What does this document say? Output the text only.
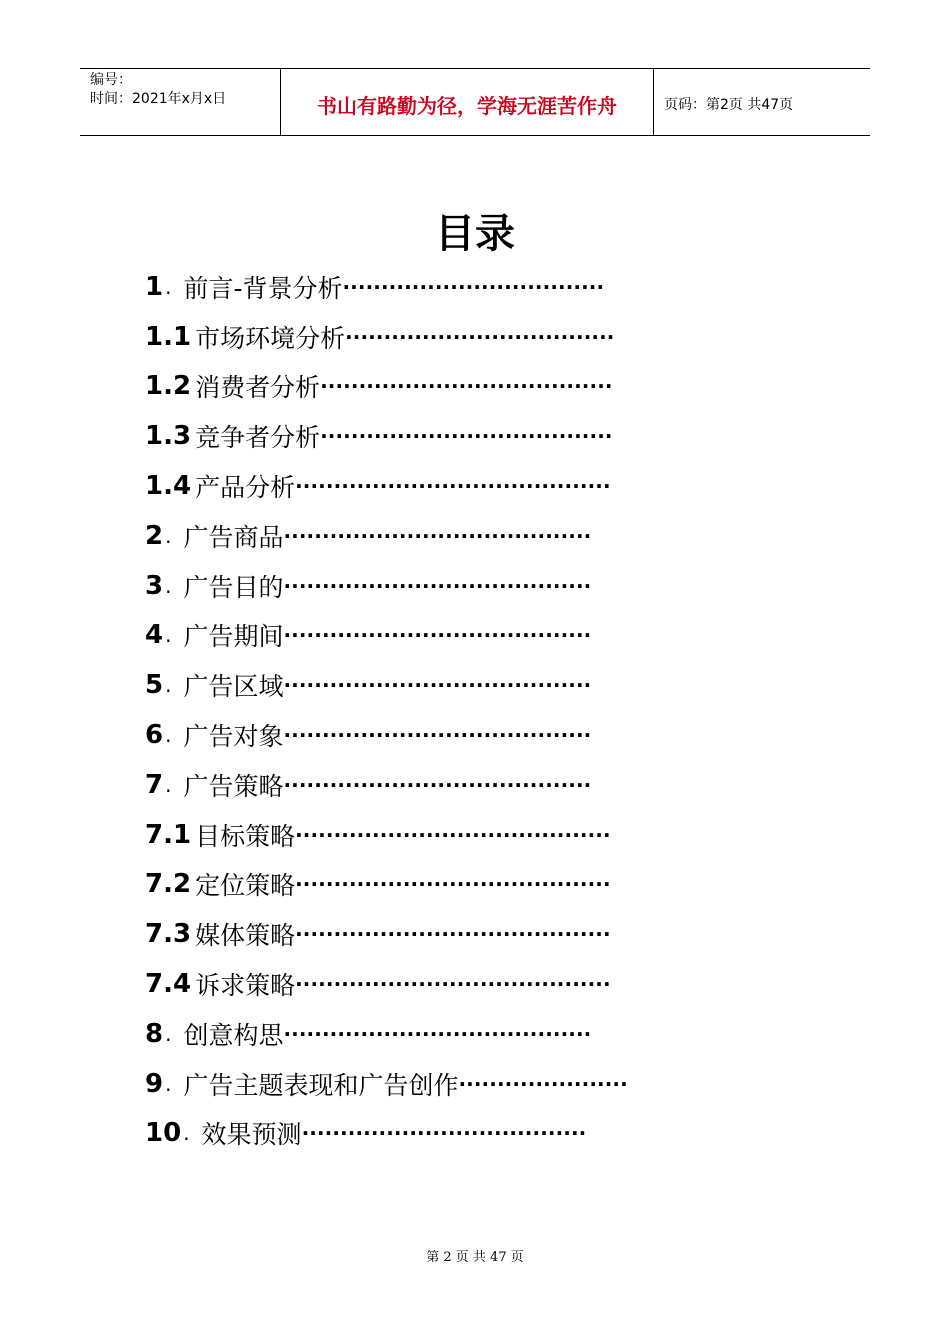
编号：
时间：2021年x月x日	书山有路勤为径，学海无涯苦作舟	页码：第2页 共47页
目录
1 . 前言-背景分析 ··································
1.1 市场环境分析 ···································
1.2 消费者分析 ······································
1.3 竞争者分析 ······································
1.4 产品分析 ·········································
2 . 广告商品 ········································
3 . 广告目的 ········································
4 . 广告期间 ········································
5 . 广告区域 ········································
6 . 广告对象 ········································
7 . 广告策略 ········································
7.1 目标策略 ·········································
7.2 定位策略 ·········································
7.3 媒体策略 ·········································
7.4 诉求策略 ·········································
8 . 创意构思 ········································
9 . 广告主题表现和广告创作 ······················
10 . 效果预测 ·····································
第 2 页 共 47 页
